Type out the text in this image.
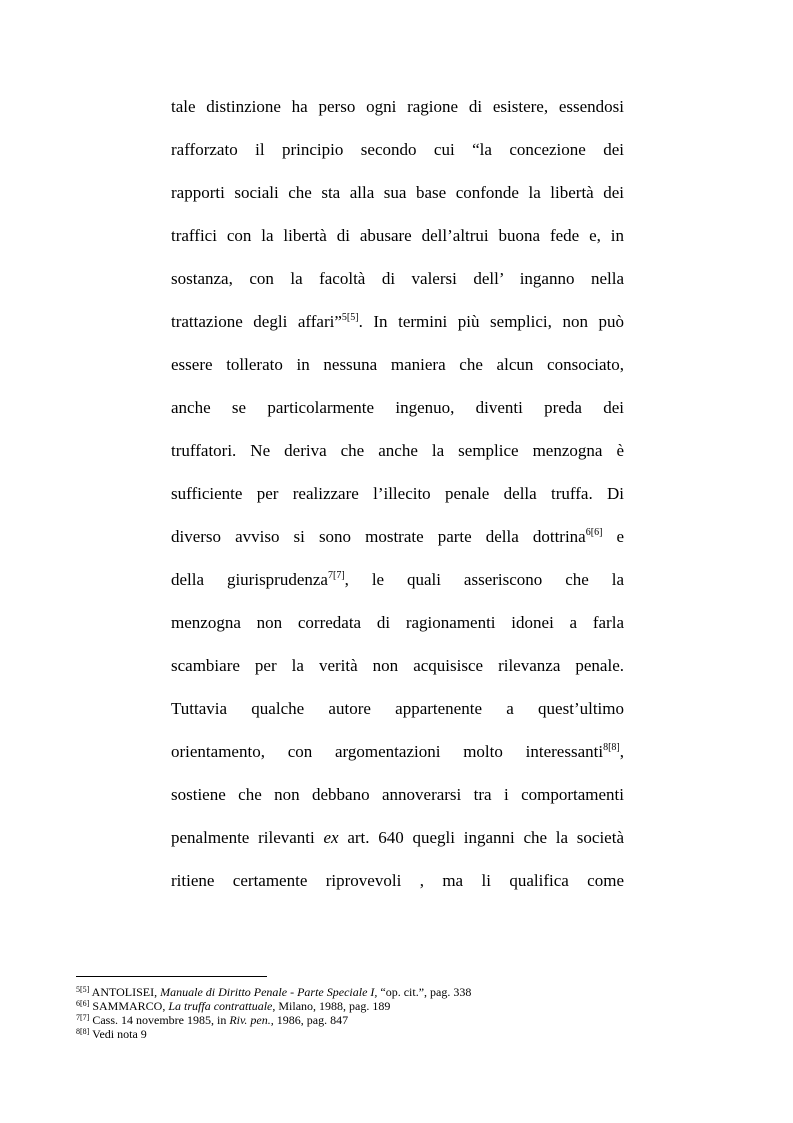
tale distinzione ha perso ogni ragione di esistere, essendosi
rafforzato il principio secondo cui “la concezione dei
rapporti sociali che sta alla sua base confonde la libertà dei
traffici con la libertà di abusare dell’altrui buona fede e, in
sostanza, con la facoltà di valersi dell’ inganno nella
trattazione degli affari”$^{5[5]}$. In termini più semplici, non può
essere tollerato in nessuna maniera che alcun consociato,
anche se particolarmente ingenuo, diventi preda dei
truffatori. Ne deriva che anche la semplice menzogna è
sufficiente per realizzare l’illecito penale della truffa. Di
diverso avviso si sono mostrate parte della dottrina$^{6[6]}$ e
della giurisprudenza$^{7[7]}$, le quali asseriscono che la
menzogna non corredata di ragionamenti idonei a farla
scambiare per la verità non acquisisce rilevanza penale.
Tuttavia qualche autore appartenente a quest’ultimo
orientamento, con argomentazioni molto interessanti$^{8[8]}$,
sostiene che non debbano annoverarsi tra i comportamenti
penalmente rilevanti ex art. 640 quegli inganni che la società
ritiene certamente riprovevoli , ma li qualifica come
$^{5[5]}$ ANTOLISEI, Manuale di Diritto Penale - Parte Speciale I, “op. cit.”, pag. 338
$^{6[6]}$ SAMMARCO, La truffa contrattuale, Milano, 1988, pag. 189
$^{7[7]}$ Cass. 14 novembre 1985, in Riv. pen., 1986, pag. 847
$^{8[8]}$ Vedi nota 9
